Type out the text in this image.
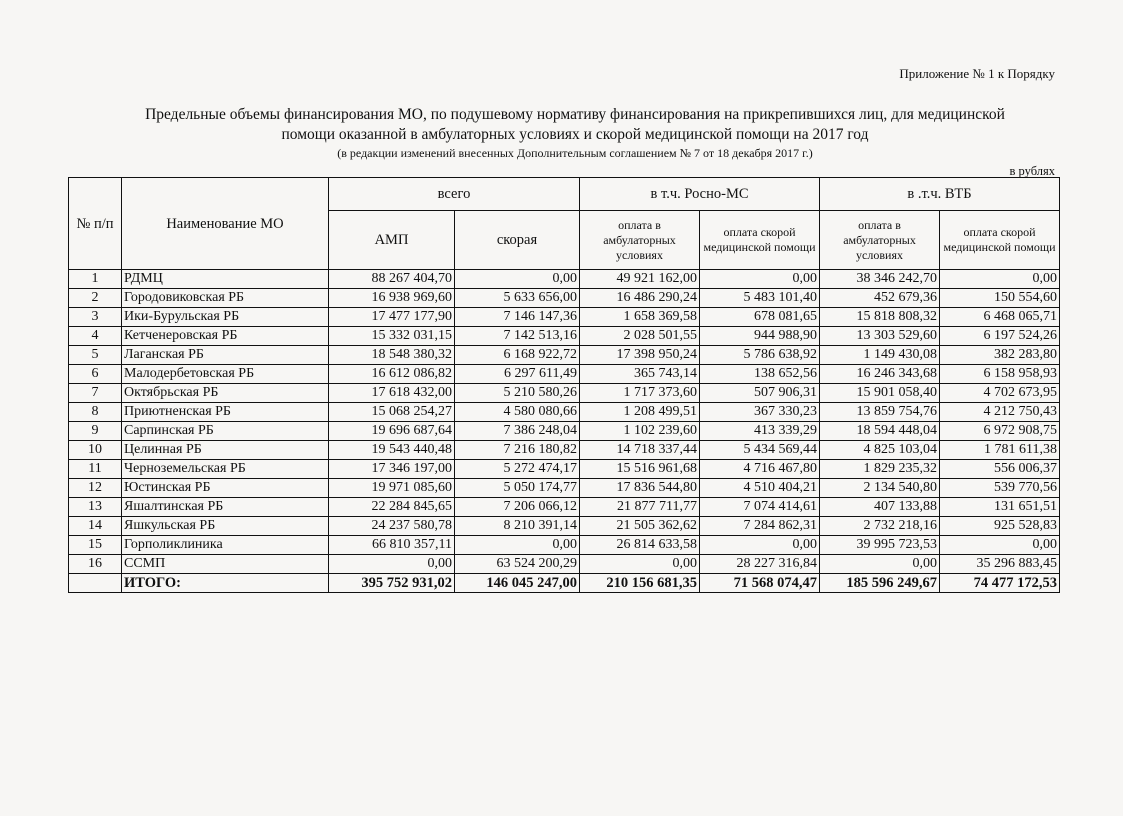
Приложение № 1 к Порядку
Предельные объемы финансирования МО, по подушевому нормативу финансирования на прикрепившихся лиц, для медицинской
помощи оказанной в амбулаторных условиях и скорой медицинской помощи на 2017 год
(в редакции изменений внесенных Дополнительным соглашением № 7 от 18 декабря 2017 г.)
в рублях
№ п/п	Наименование МО	всего		в т.ч. Росно-МС		в .т.ч. ВТБ	
		АМП	скорая	оплата в амбулаторных условиях	оплата скорой медицинской помощи	оплата в амбулаторных условиях	оплата скорой медицинской помощи
1	РДМЦ	88 267 404,70	0,00	49 921 162,00	0,00	38 346 242,70	0,00
2	Городовиковская РБ	16 938 969,60	5 633 656,00	16 486 290,24	5 483 101,40	452 679,36	150 554,60
3	Ики-Бурульская РБ	17 477 177,90	7 146 147,36	1 658 369,58	678 081,65	15 818 808,32	6 468 065,71
4	Кетченеровская РБ	15 332 031,15	7 142 513,16	2 028 501,55	944 988,90	13 303 529,60	6 197 524,26
5	Лаганская РБ	18 548 380,32	6 168 922,72	17 398 950,24	5 786 638,92	1 149 430,08	382 283,80
6	Малодербетовская РБ	16 612 086,82	6 297 611,49	365 743,14	138 652,56	16 246 343,68	6 158 958,93
7	Октябрьская РБ	17 618 432,00	5 210 580,26	1 717 373,60	507 906,31	15 901 058,40	4 702 673,95
8	Приютненская РБ	15 068 254,27	4 580 080,66	1 208 499,51	367 330,23	13 859 754,76	4 212 750,43
9	Сарпинская РБ	19 696 687,64	7 386 248,04	1 102 239,60	413 339,29	18 594 448,04	6 972 908,75
10	Целинная РБ	19 543 440,48	7 216 180,82	14 718 337,44	5 434 569,44	4 825 103,04	1 781 611,38
11	Черноземельская РБ	17 346 197,00	5 272 474,17	15 516 961,68	4 716 467,80	1 829 235,32	556 006,37
12	Юстинская РБ	19 971 085,60	5 050 174,77	17 836 544,80	4 510 404,21	2 134 540,80	539 770,56
13	Яшалтинская РБ	22 284 845,65	7 206 066,12	21 877 711,77	7 074 414,61	407 133,88	131 651,51
14	Яшкульская РБ	24 237 580,78	8 210 391,14	21 505 362,62	7 284 862,31	2 732 218,16	925 528,83
15	Горполиклиника	66 810 357,11	0,00	26 814 633,58	0,00	39 995 723,53	0,00
16	ССМП	0,00	63 524 200,29	0,00	28 227 316,84	0,00	35 296 883,45
	ИТОГО:	395 752 931,02	146 045 247,00	210 156 681,35	71 568 074,47	185 596 249,67	74 477 172,53
